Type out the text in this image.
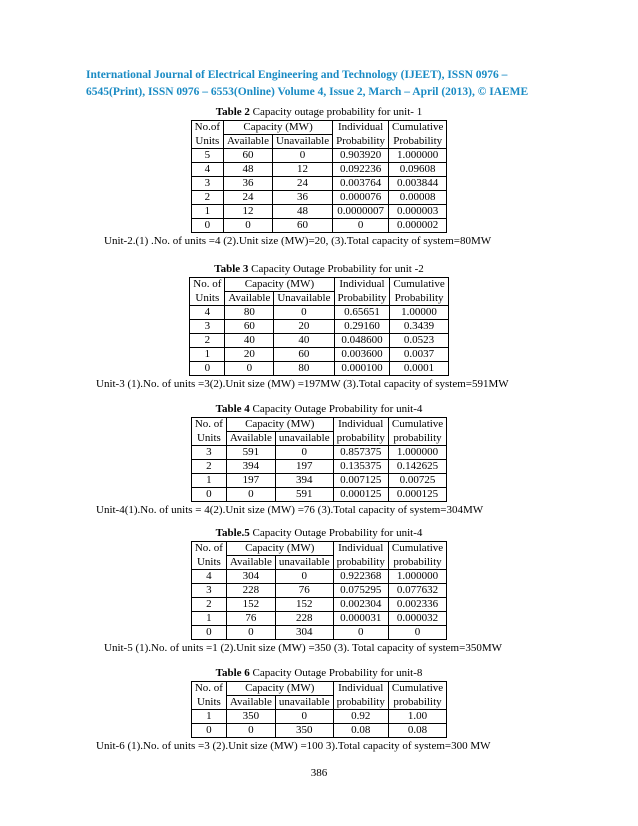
International Journal of Electrical Engineering and Technology (IJEET), ISSN 0976 –
6545(Print), ISSN 0976 – 6553(Online) Volume 4, Issue 2, March – April (2013), © IAEME
Table 2 Capacity outage probability for unit- 1
No.of	Capacity (MW)		Individual	Cumulative
Units	Available	Unavailable	Probability	Probability
5	60	0	0.903920	1.000000
4	48	12	0.092236	0.09608
3	36	24	0.003764	0.003844
2	24	36	0.000076	0.00008
1	12	48	0.0000007	0.000003
0	0	60	0	0.000002
Unit-2.(1) .No. of units =4 (2).Unit size (MW)=20, (3).Total capacity of system=80MW
Table 3 Capacity Outage Probability for unit -2
No. of	Capacity (MW)		Individual	Cumulative
Units	Available	Unavailable	Probability	Probability
4	80	0	0.65651	1.00000
3	60	20	0.29160	0.3439
2	40	40	0.048600	0.0523
1	20	60	0.003600	0.0037
0	0	80	0.000100	0.0001
Unit-3 (1).No. of units =3(2).Unit size (MW) =197MW (3).Total capacity of system=591MW
Table 4 Capacity Outage Probability for unit-4
No. of	Capacity (MW)		Individual	Cumulative
Units	Available	unavailable	probability	probability
3	591	0	0.857375	1.000000
2	394	197	0.135375	0.142625
1	197	394	0.007125	0.00725
0	0	591	0.000125	0.000125
Unit-4(1).No. of units = 4(2).Unit size (MW) =76 (3).Total capacity of system=304MW
Table.5 Capacity Outage Probability for unit-4
No. of	Capacity (MW)		Individual	Cumulative
Units	Available	unavailable	probability	probability
4	304	0	0.922368	1.000000
3	228	76	0.075295	0.077632
2	152	152	0.002304	0.002336
1	76	228	0.000031	0.000032
0	0	304	0	0
Unit-5 (1).No. of units =1 (2).Unit size (MW) =350 (3). Total capacity of system=350MW
Table 6 Capacity Outage Probability for unit-8
No. of	Capacity (MW)		Individual	Cumulative
Units	Available	unavailable	probability	probability
1	350	0	0.92	1.00
0	0	350	0.08	0.08
Unit-6 (1).No. of units =3 (2).Unit size (MW) =100 3).Total capacity of system=300 MW
386
